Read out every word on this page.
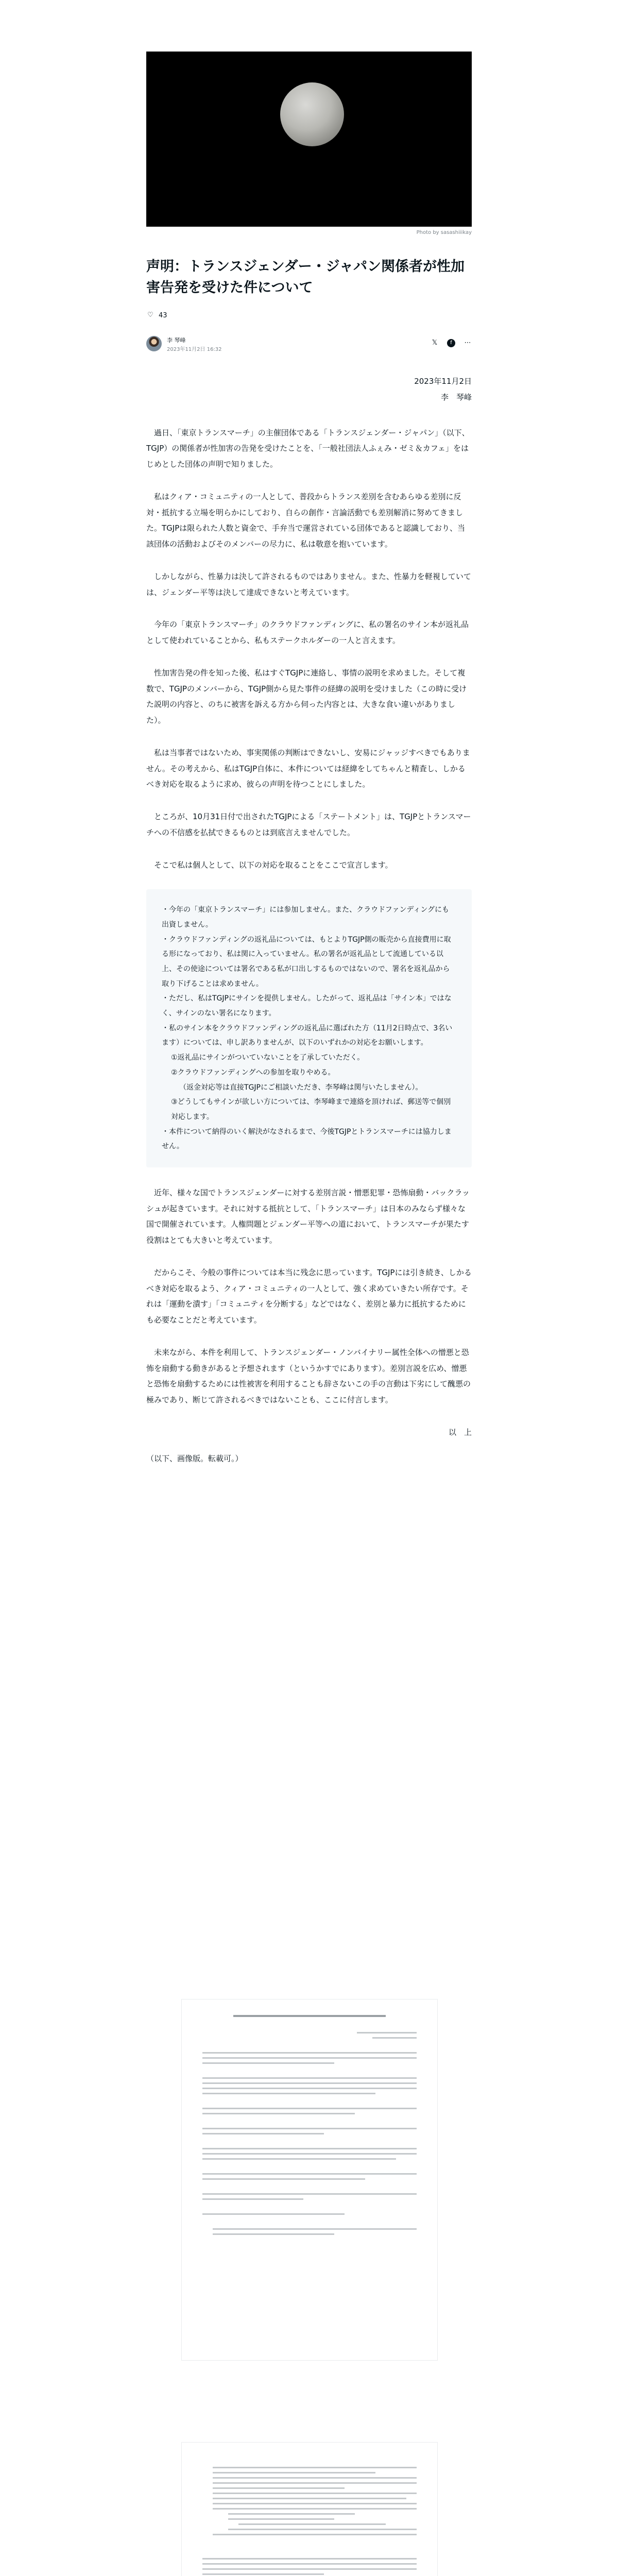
Photo by sasashiiikay
声明：トランスジェンダー・ジャパン関係者が性加害告発を受けた件について
♡ 43
李 琴峰
2023年11月2日 16:32
𝕏	f	⋯

2023年11月2日

李　琴峰

過日、「東京トランスマーチ」の主催団体である「トランスジェンダー・ジャパン」（以下、TGJP）の関係者が性加害の告発を受けたことを、「一般社団法人ふぇみ・ゼミ＆カフェ」をはじめとした団体の声明で知りました。

私はクィア・コミュニティの一人として、普段からトランス差別を含むあらゆる差別に反対・抵抗する立場を明らかにしており、自らの創作・言論活動でも差別解消に努めてきました。TGJPは限られた人数と資金で、手弁当で運営されている団体であると認識しており、当該団体の活動およびそのメンバーの尽力に、私は敬意を抱いています。

しかしながら、性暴力は決して許されるものではありません。また、性暴力を軽視していては、ジェンダー平等は決して達成できないと考えています。

今年の「東京トランスマーチ」のクラウドファンディングに、私の署名のサイン本が返礼品として使われていることから、私もステークホルダーの一人と言えます。

性加害告発の件を知った後、私はすぐTGJPに連絡し、事情の説明を求めました。そして複数で、TGJPのメンバーから、TGJP側から見た事件の経緯の説明を受けました（この時に受けた説明の内容と、のちに被害を訴える方から伺った内容とは、大きな食い違いがありました）。

私は当事者ではないため、事実関係の判断はできないし、安易にジャッジすべきでもありません。その考えから、私はTGJP自体に、本件については経緯をしてちゃんと精査し、しかるべき対応を取るように求め、彼らの声明を待つことにしました。

ところが、10月31日付で出されたTGJPによる「ステートメント」は、TGJPとトランスマーチへの不信感を払拭できるものとは到底言えませんでした。

そこで私は個人として、以下の対応を取ることをここで宣言します。

・今年の「東京トランスマーチ」には参加しません。また、クラウドファンディングにも出資しません。
・クラウドファンディングの返礼品については、もとよりTGJP側の販売から直接費用に取る形になっており、私は関に入っていません。私の署名が返礼品として流通している以上、その使途については署名である私が口出しするものではないので、署名を返礼品から取り下げることは求めません。
・ただし、私はTGJPにサインを提供しません。したがって、返礼品は「サイン本」ではなく、サインのない署名になります。
・私のサイン本をクラウドファンディングの返礼品に選ばれた方（11月2日時点で、3名います）については、申し訳ありませんが、以下のいずれかの対応をお願いします。
①返礼品にサインがついていないことを了承していただく。
②クラウドファンディングへの参加を取りやめる。
（返金対応等は直接TGJPにご相談いただき、李琴峰は関与いたしません）。
③どうしてもサインが欲しい方については、李琴峰まで連絡を頂ければ、郵送等で個別対応します。
・本件について納得のいく解決がなされるまで、今後TGJPとトランスマーチには協力しません。

近年、様々な国でトランスジェンダーに対する差別言説・憎悪犯罪・恐怖扇動・バックラッシュが起きています。それに対する抵抗として、「トランスマーチ」は日本のみならず様々な国で開催されています。人権問題とジェンダー平等への道において、トランスマーチが果たす役割はとても大きいと考えています。

だからこそ、今般の事件については本当に残念に思っています。TGJPには引き続き、しかるべき対応を取るよう、クィア・コミュニティの一人として、強く求めていきたい所存です。それは「運動を潰す」「コミュニティを分断する」などではなく、差別と暴力に抵抗するためにも必要なことだと考えています。

未来ながら、本件を利用して、トランスジェンダー・ノンバイナリー属性全体への憎悪と恐怖を扇動する動きがあると予想されます（というかすでにあります）。差別言説を広め、憎悪と恐怖を扇動するためには性被害を利用することも辞さないこの手の言動は下劣にして醜悪の極みであり、断じて許されるべきではないことも、ここに付言します。

以　上

（以下、画像版。転載可。）
